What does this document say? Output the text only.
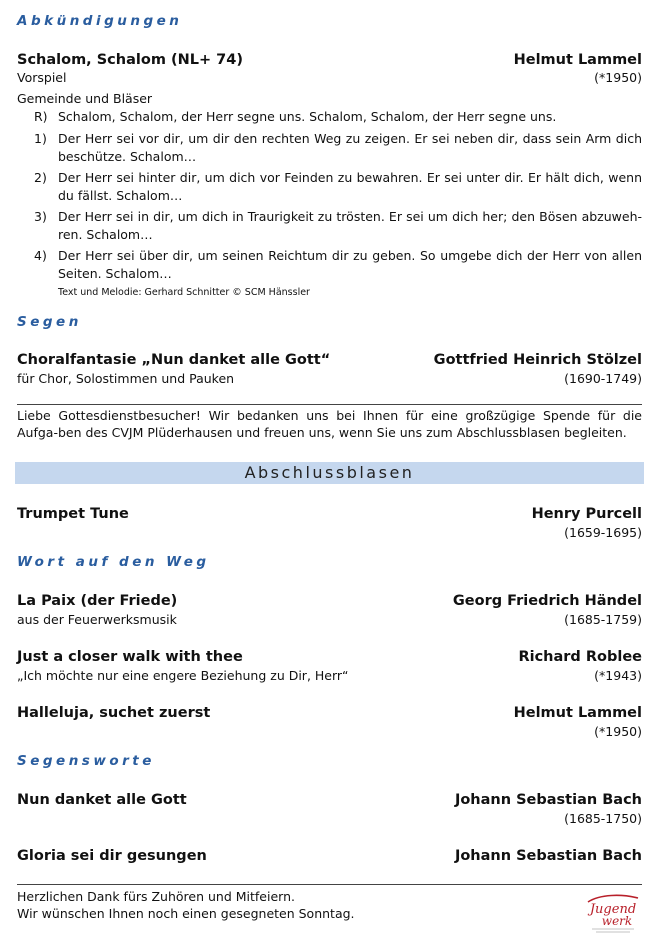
Abkündigungen
Schalom, Schalom (NL+ 74)	Helmut Lammel
Vorspiel	(*1950)
Gemeinde und Bläser
R) Schalom, Schalom, der Herr segne uns. Schalom, Schalom, der Herr segne uns.
1) Der Herr sei vor dir, um dir den rechten Weg zu zeigen. Er sei neben dir, dass sein Arm dich beschütze. Schalom…
2) Der Herr sei hinter dir, um dich vor Feinden zu bewahren. Er sei unter dir. Er hält dich, wenn du fällst. Schalom…
3) Der Herr sei in dir, um dich in Traurigkeit zu trösten. Er sei um dich her; den Bösen abzuweh-ren. Schalom…
4) Der Herr sei über dir, um seinen Reichtum dir zu geben. So umgebe dich der Herr von allen Seiten. Schalom…
Text und Melodie: Gerhard Schnitter © SCM Hänssler
Segen
Choralfantasie „Nun danket alle Gott“	Gottfried Heinrich Stölzel
für Chor, Solostimmen und Pauken	(1690-1749)
Liebe Gottesdienstbesucher! Wir bedanken uns bei Ihnen für eine großzügige Spende für die Aufga-ben des CVJM Plüderhausen und freuen uns, wenn Sie uns zum Abschlussblasen begleiten.
Abschlussblasen
Trumpet Tune	Henry Purcell
(1659-1695)
Wort auf den Weg
La Paix (der Friede)	Georg Friedrich Händel
aus der Feuerwerksmusik	(1685-1759)
Just a closer walk with thee	Richard Roblee
„Ich möchte nur eine engere Beziehung zu Dir, Herr“	(*1943)
Halleluja, suchet zuerst	Helmut Lammel
(*1950)
Segensworte
Nun danket alle Gott	Johann Sebastian Bach
(1685-1750)
Gloria sei dir gesungen	Johann Sebastian Bach
Herzlichen Dank fürs Zuhören und Mitfeiern.
Wir wünschen Ihnen noch einen gesegneten Sonntag.	Jugend
werk
